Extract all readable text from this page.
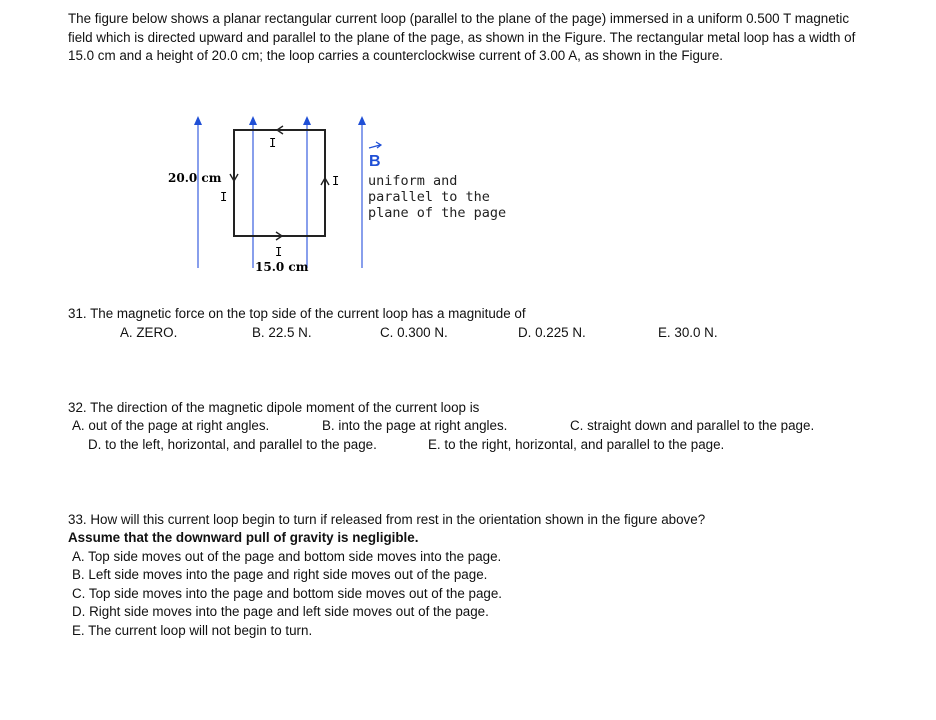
The figure below shows a planar rectangular current loop (parallel to the plane of the page) immersed in a uniform 0.500 T magnetic field which is directed upward and parallel to the plane of the page, as shown in the Figure. The rectangular metal loop has a width of 15.0 cm and a height of 20.0 cm; the loop carries a counterclockwise current of 3.00 A, as shown in the Figure.
I
I
I
I
20.0 cm
15.0 cm
B
uniform and
parallel to the
plane of the page
31. The magnetic force on the top side of the current loop has a magnitude of
A. ZERO.	B. 22.5 N.	C. 0.300 N.	D. 0.225 N.	E. 30.0 N.
32. The direction of the magnetic dipole moment of the current loop is
A. out of the page at right angles.	B. into the page at right angles.	C. straight down and parallel to the page.
D. to the left, horizontal, and parallel to the page.	E. to the right, horizontal, and parallel to the page.
33. How will this current loop begin to turn if released from rest in the orientation shown in the figure above?
Assume that the downward pull of gravity is negligible.
A. Top side moves out of the page and bottom side moves into the page.
B. Left side moves into the page and right side moves out of the page.
C. Top side moves into the page and bottom side moves out of the page.
D. Right side moves into the page and left side moves out of the page.
E. The current loop will not begin to turn.
